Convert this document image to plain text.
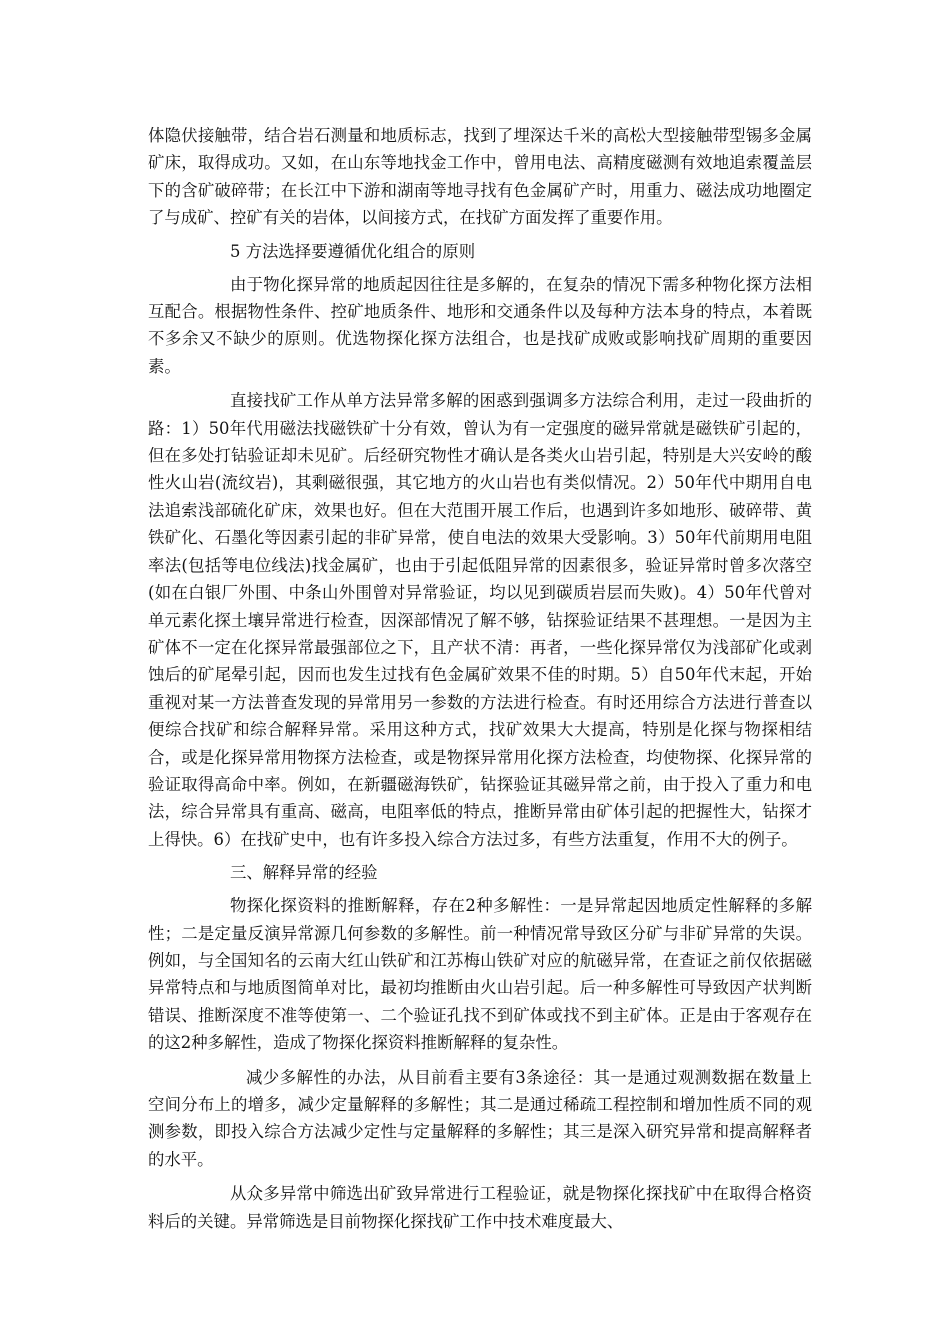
体隐伏接触带，结合岩石测量和地质标志，找到了埋深达千米的高松大型接触带型锡多金属矿床，取得成功。又如，在山东等地找金工作中，曾用电法、高精度磁测有效地追索覆盖层下的含矿破碎带；在长江中下游和湖南等地寻找有色金属矿产时，用重力、磁法成功地圈定了与成矿、控矿有关的岩体，以间接方式，在找矿方面发挥了重要作用。

5 方法选择要遵循优化组合的原则

由于物化探异常的地质起因往往是多解的，在复杂的情况下需多种物化探方法相互配合。根据物性条件、控矿地质条件、地形和交通条件以及每种方法本身的特点，本着既不多余又不缺少的原则。优选物探化探方法组合，也是找矿成败或影响找矿周期的重要因素。

直接找矿工作从单方法异常多解的困惑到强调多方法综合利用，走过一段曲折的路：1）50年代用磁法找磁铁矿十分有效，曾认为有一定强度的磁异常就是磁铁矿引起的，但在多处打钻验证却未见矿。后经研究物性才确认是各类火山岩引起，特别是大兴安岭的酸性火山岩(流纹岩)，其剩磁很强，其它地方的火山岩也有类似情况。2）50年代中期用自电法追索浅部硫化矿床，效果也好。但在大范围开展工作后，也遇到许多如地形、破碎带、黄铁矿化、石墨化等因素引起的非矿异常，使自电法的效果大受影响。3）50年代前期用电阻率法(包括等电位线法)找金属矿，也由于引起低阻异常的因素很多，验证异常时曾多次落空(如在白银厂外围、中条山外围曾对异常验证，均以见到碳质岩层而失败)。4）50年代曾对单元素化探土壤异常进行检查，因深部情况了解不够，钻探验证结果不甚理想。一是因为主矿体不一定在化探异常最强部位之下，且产状不清：再者，一些化探异常仅为浅部矿化或剥蚀后的矿尾晕引起，因而也发生过找有色金属矿效果不佳的时期。5）自50年代末起，开始重视对某一方法普查发现的异常用另一参数的方法进行检查。有时还用综合方法进行普查以便综合找矿和综合解释异常。采用这种方式，找矿效果大大提高，特别是化探与物探相结合，或是化探异常用物探方法检查，或是物探异常用化探方法检查，均使物探、化探异常的验证取得高命中率。例如，在新疆磁海铁矿，钻探验证其磁异常之前，由于投入了重力和电法，综合异常具有重高、磁高，电阻率低的特点，推断异常由矿体引起的把握性大，钻探才上得快。6）在找矿史中，也有许多投入综合方法过多，有些方法重复，作用不大的例子。

三、解释异常的经验

物探化探资料的推断解释，存在2种多解性：一是异常起因地质定性解释的多解性；二是定量反演异常源几何参数的多解性。前一种情况常导致区分矿与非矿异常的失误。例如，与全国知名的云南大红山铁矿和江苏梅山铁矿对应的航磁异常，在查证之前仅依据磁异常特点和与地质图简单对比，最初均推断由火山岩引起。后一种多解性可导致因产状判断错误、推断深度不准等使第一、二个验证孔找不到矿体或找不到主矿体。正是由于客观存在的这2种多解性，造成了物探化探资料推断解释的复杂性。

减少多解性的办法，从目前看主要有3条途径：其一是通过观测数据在数量上空间分布上的增多，减少定量解释的多解性；其二是通过稀疏工程控制和增加性质不同的观测参数，即投入综合方法减少定性与定量解释的多解性；其三是深入研究异常和提高解释者的水平。

从众多异常中筛选出矿致异常进行工程验证，就是物探化探找矿中在取得合格资料后的关键。异常筛选是目前物探化探找矿工作中技术难度最大、
